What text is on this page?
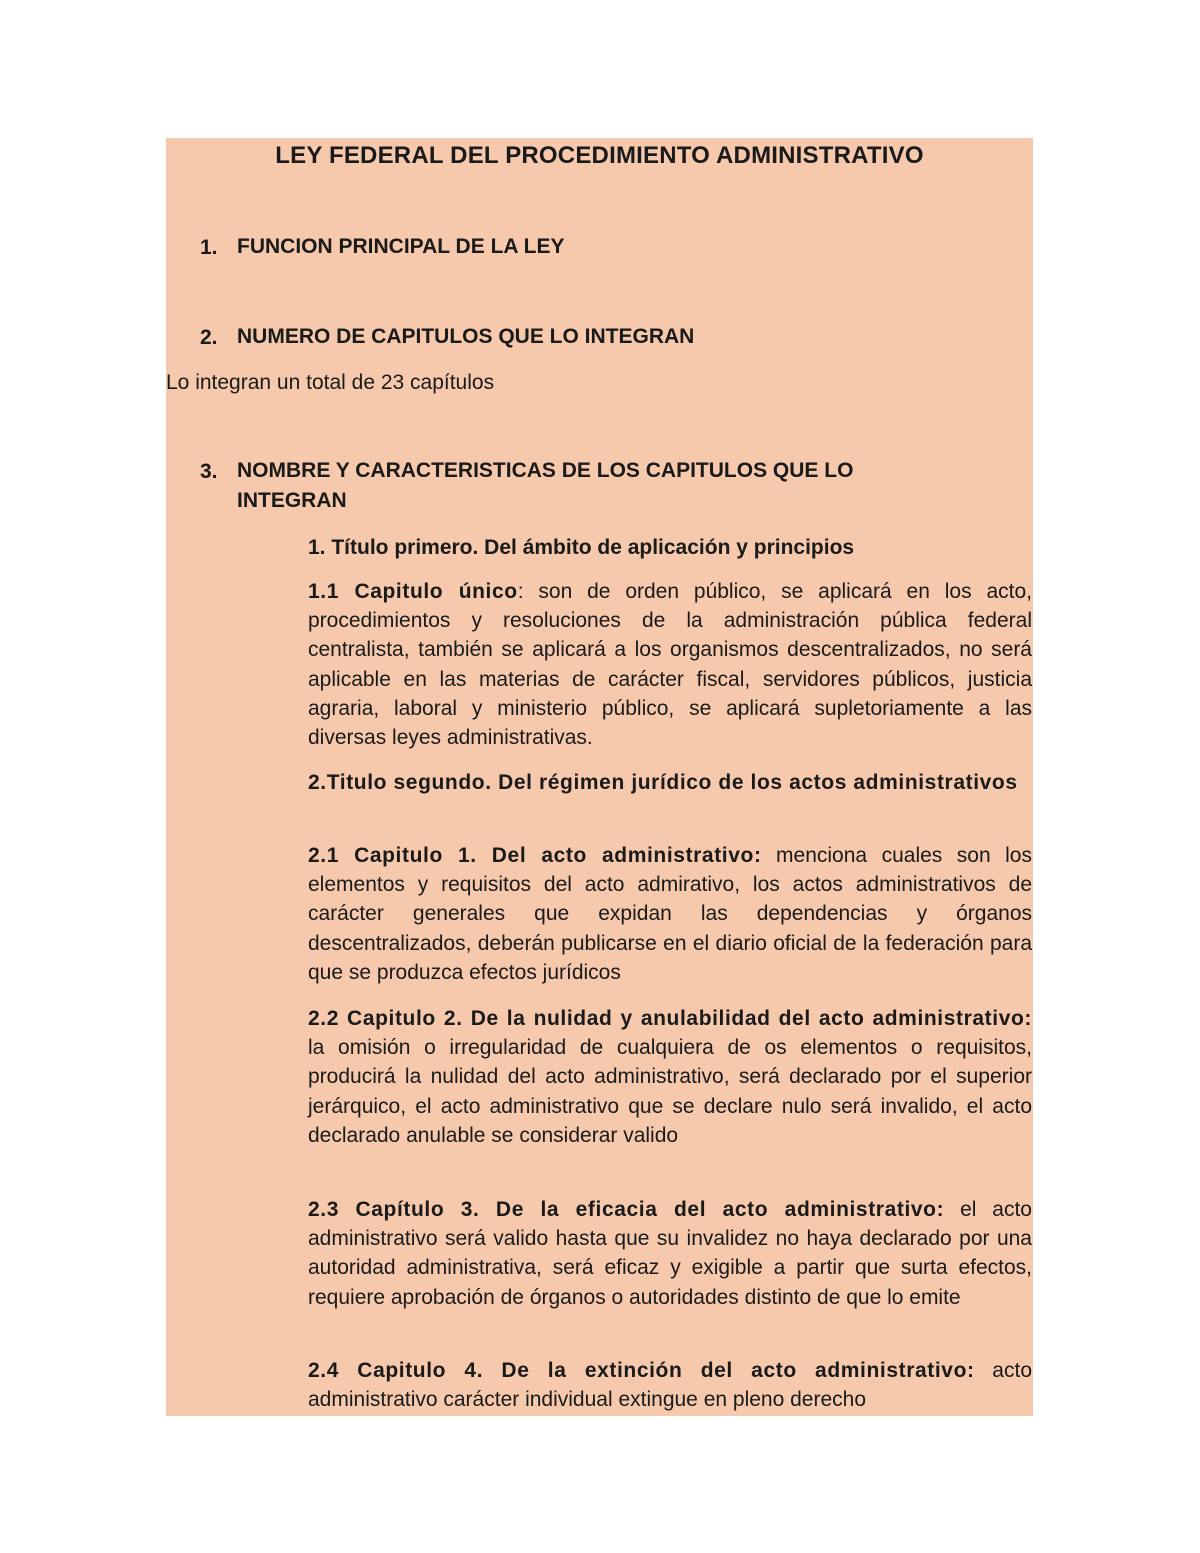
LEY FEDERAL DEL PROCEDIMIENTO ADMINISTRATIVO
1. FUNCION PRINCIPAL DE LA LEY
2. NUMERO DE CAPITULOS QUE LO INTEGRAN
Lo integran un total de 23 capítulos
3. NOMBRE Y CARACTERISTICAS DE LOS CAPITULOS QUE LO INTEGRAN
1. Título primero. Del ámbito de aplicación y principios
1.1 Capitulo único: son de orden público, se aplicará en los acto, procedimientos y resoluciones de la administración pública federal centralista, también se aplicará a los organismos descentralizados, no será aplicable en las materias de carácter fiscal, servidores públicos, justicia agraria, laboral y ministerio público, se aplicará supletoriamente a las diversas leyes administrativas.
2.Titulo segundo. Del régimen jurídico de los actos administrativos
2.1 Capitulo 1. Del acto administrativo: menciona cuales son los elementos y requisitos del acto admirativo, los actos administrativos de carácter generales que expidan las dependencias y órganos descentralizados, deberán publicarse en el diario oficial de la federación para que se produzca efectos jurídicos
2.2 Capitulo 2. De la nulidad y anulabilidad del acto administrativo: la omisión o irregularidad de cualquiera de os elementos o requisitos, producirá la nulidad del acto administrativo, será declarado por el superior jerárquico, el acto administrativo que se declare nulo será invalido, el acto declarado anulable se considerar valido
2.3 Capítulo 3. De la eficacia del acto administrativo: el acto administrativo será valido hasta que su invalidez no haya declarado por una autoridad administrativa, será eficaz y exigible a partir que surta efectos, requiere aprobación de órganos o autoridades distinto de que lo emite
2.4 Capitulo 4. De la extinción del acto administrativo: acto administrativo carácter individual extingue en pleno derecho
